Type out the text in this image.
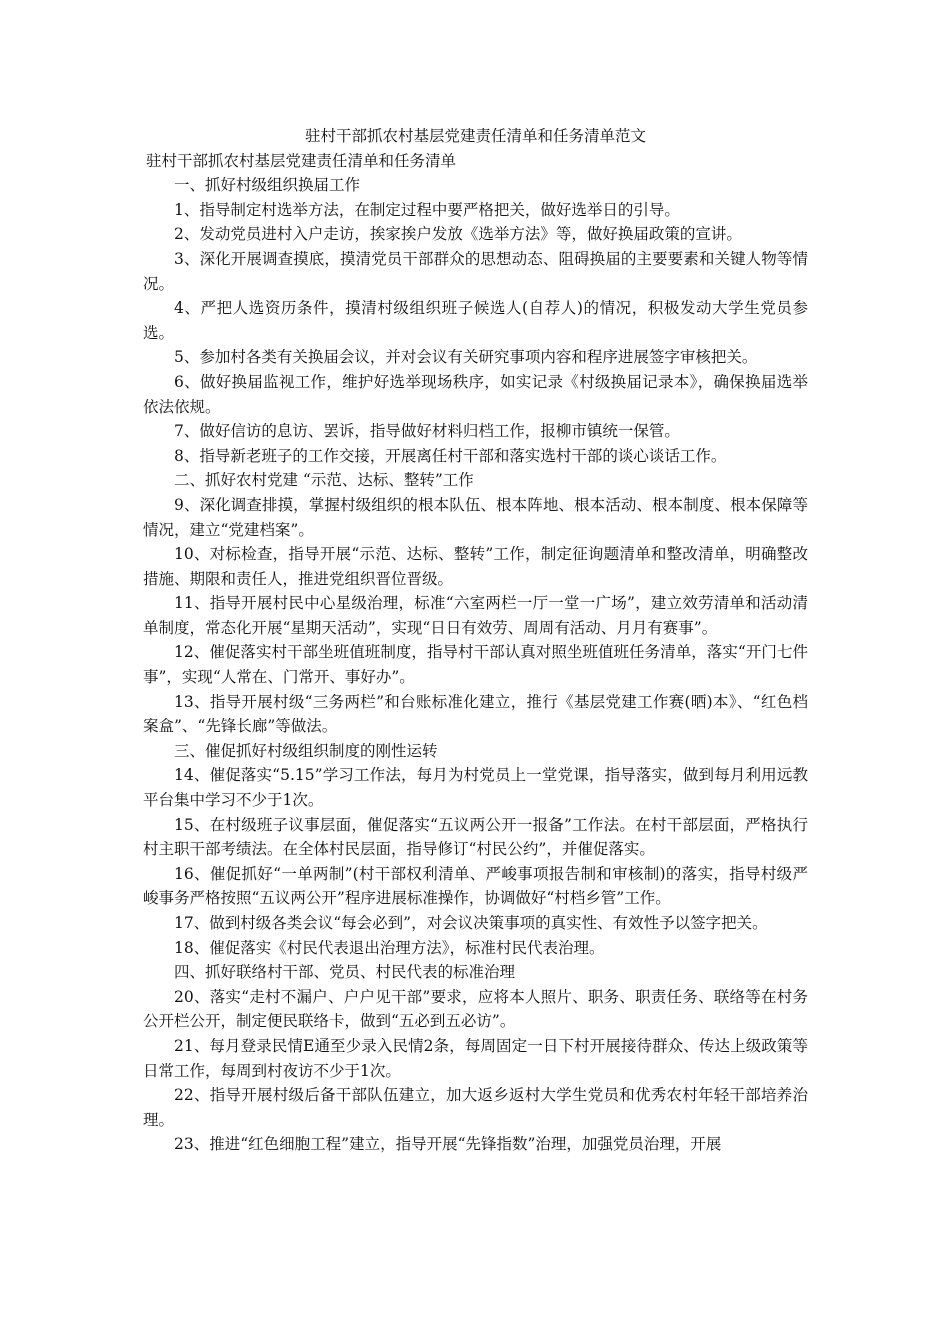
驻村干部抓农村基层党建责任清单和任务清单范文

驻村干部抓农村基层党建责任清单和任务清单

一、抓好村级组织换届工作

1、指导制定村选举方法，在制定过程中要严格把关，做好选举日的引导。

2、发动党员进村入户走访，挨家挨户发放《选举方法》等，做好换届政策的宣讲。

3、深化开展调查摸底，摸清党员干部群众的思想动态、阻碍换届的主要要素和关键人物等情况。

4、严把人选资历条件，摸清村级组织班子候选人(自荐人)的情况，积极发动大学生党员参选。

5、参加村各类有关换届会议，并对会议有关研究事项内容和程序进展签字审核把关。

6、做好换届监视工作，维护好选举现场秩序，如实记录《村级换届记录本》，确保换届选举依法依规。

7、做好信访的息访、罢诉，指导做好材料归档工作，报柳市镇统一保管。

8、指导新老班子的工作交接，开展离任村干部和落实选村干部的谈心谈话工作。

二、抓好农村党建 “示范、达标、整转”工作

9、深化调查排摸，掌握村级组织的根本队伍、根本阵地、根本活动、根本制度、根本保障等情况，建立“党建档案”。

10、对标检查，指导开展“示范、达标、整转”工作，制定征询题清单和整改清单，明确整改措施、期限和责任人，推进党组织晋位晋级。

11、指导开展村民中心星级治理，标准“六室两栏一厅一堂一广场”，建立效劳清单和活动清单制度，常态化开展“星期天活动”，实现“日日有效劳、周周有活动、月月有赛事”。

12、催促落实村干部坐班值班制度，指导村干部认真对照坐班值班任务清单，落实“开门七件事”，实现“人常在、门常开、事好办”。

13、指导开展村级“三务两栏”和台账标准化建立，推行《基层党建工作赛(晒)本》、“红色档案盒”、“先锋长廊”等做法。

三、催促抓好村级组织制度的刚性运转

14、催促落实“5.15”学习工作法，每月为村党员上一堂党课，指导落实，做到每月利用远教平台集中学习不少于1次。

15、在村级班子议事层面，催促落实“五议两公开一报备”工作法。在村干部层面，严格执行村主职干部考绩法。在全体村民层面，指导修订“村民公约”，并催促落实。

16、催促抓好“一单两制”(村干部权利清单、严峻事项报告制和审核制)的落实，指导村级严峻事务严格按照“五议两公开”程序进展标准操作，协调做好“村档乡管”工作。

17、做到村级各类会议“每会必到”，对会议决策事项的真实性、有效性予以签字把关。

18、催促落实《村民代表退出治理方法》，标准村民代表治理。

四、抓好联络村干部、党员、村民代表的标准治理

20、落实“走村不漏户、户户见干部”要求，应将本人照片、职务、职责任务、联络等在村务公开栏公开，制定便民联络卡，做到“五必到五必访”。

21、每月登录民情E通至少录入民情2条，每周固定一日下村开展接待群众、传达上级政策等日常工作，每周到村夜访不少于1次。

22、指导开展村级后备干部队伍建立，加大返乡返村大学生党员和优秀农村年轻干部培养治理。

23、推进“红色细胞工程”建立，指导开展“先锋指数”治理，加强党员治理，开展
